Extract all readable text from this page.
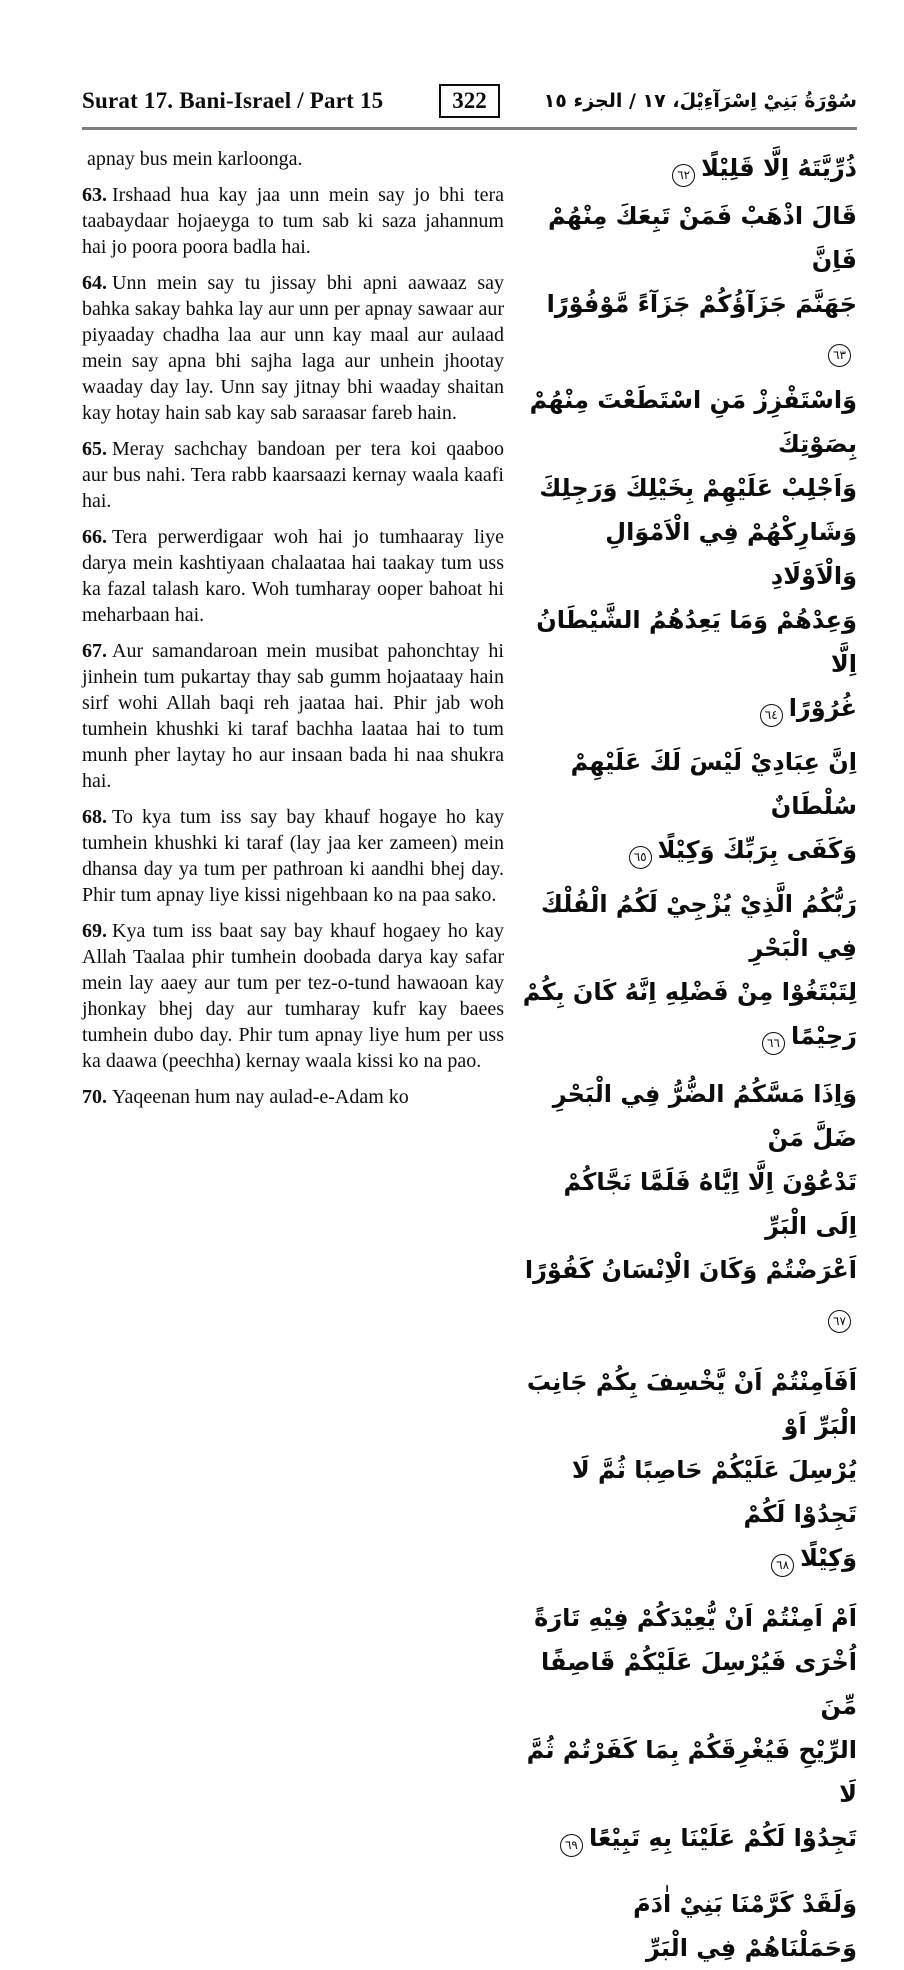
Surat 17. Bani-Israel / Part 15	322	سُوْرَةُ بَنِيْ اِسْرَآءِيْلَ، ١٧ / الجزء ١٥

apnay bus mein karloonga.

63. Irshaad hua kay jaa unn mein say jo bhi tera taabaydaar hojaeyga to tum sab ki saza jahannum hai jo poora poora badla hai.

64. Unn mein say tu jissay bhi apni aawaaz say bahka sakay bahka lay aur unn per apnay sawaar aur piyaaday chadha laa aur unn kay maal aur aulaad mein say apna bhi sajha laga aur unhein jhootay waaday day lay. Unn say jitnay bhi waaday shaitan kay hotay hain sab kay sab saraasar fareb hain.

65. Meray sachchay bandoan per tera koi qaaboo aur bus nahi. Tera rabb kaarsaazi kernay waala kaafi hai.

66. Tera perwerdigaar woh hai jo tumhaaray liye darya mein kashtiyaan chalaataa hai taakay tum uss ka fazal talash karo. Woh tumharay ooper bahoat hi meharbaan hai.

67. Aur samandaroan mein musibat pahonchtay hi jinhein tum pukartay thay sab gumm hojaataay hain sirf wohi Allah baqi reh jaataa hai. Phir jab woh tumhein khushki ki taraf bachha laataa hai to tum munh pher laytay ho aur insaan bada hi naa shukra hai.

68. To kya tum iss say bay khauf hogaye ho kay tumhein khushki ki taraf (lay jaa ker zameen) mein dhansa day ya tum per pathroan ki aandhi bhej day. Phir tum apnay liye kissi nigehbaan ko na paa sako.

69. Kya tum iss baat say bay khauf hogaey ho kay Allah Taalaa phir tumhein doobada darya kay safar mein lay aaey aur tum per tez-o-tund hawaoan kay jhonkay bhej day aur tumharay kufr kay baees tumhein dubo day. Phir tum apnay liye hum per uss ka daawa (peechha) kernay waala kissi ko na pao.

70. Yaqeenan hum nay aulad-e-Adam ko

ذُرِّيَّتَهُ اِلَّا قَلِيْلًا٦٢
قَالَ اذْهَبْ فَمَنْ تَبِعَكَ مِنْهُمْ فَاِنَّ
جَهَنَّمَ جَزَآؤُكُمْ جَزَآءً مَّوْفُوْرًا٦٣
وَاسْتَفْزِزْ مَنِ اسْتَطَعْتَ مِنْهُمْ بِصَوْتِكَ
وَاَجْلِبْ عَلَيْهِمْ بِخَيْلِكَ وَرَجِلِكَ
وَشَارِكْهُمْ فِي الْاَمْوَالِ وَالْاَوْلَادِ
وَعِدْهُمْ وَمَا يَعِدُهُمُ الشَّيْطَانُ اِلَّا
غُرُوْرًا٦٤
اِنَّ عِبَادِيْ لَيْسَ لَكَ عَلَيْهِمْ سُلْطَانٌ
وَكَفَى بِرَبِّكَ وَكِيْلًا٦٥
رَبُّكُمُ الَّذِيْ يُزْجِيْ لَكُمُ الْفُلْكَ فِي الْبَحْرِ
لِتَبْتَغُوْا مِنْ فَضْلِهِ اِنَّهُ كَانَ بِكُمْ
رَحِيْمًا٦٦
وَاِذَا مَسَّكُمُ الضُّرُّ فِي الْبَحْرِ ضَلَّ مَنْ
تَدْعُوْنَ اِلَّا اِيَّاهُ فَلَمَّا نَجَّاكُمْ اِلَى الْبَرِّ
اَعْرَضْتُمْ وَكَانَ الْاِنْسَانُ كَفُوْرًا٦٧
اَفَاَمِنْتُمْ اَنْ يَّخْسِفَ بِكُمْ جَانِبَ الْبَرِّ اَوْ
يُرْسِلَ عَلَيْكُمْ حَاصِبًا ثُمَّ لَا تَجِدُوْا لَكُمْ
وَكِيْلًا٦٨
اَمْ اَمِنْتُمْ اَنْ يُّعِيْدَكُمْ فِيْهِ تَارَةً
اُخْرَى فَيُرْسِلَ عَلَيْكُمْ قَاصِفًا مِّنَ
الرِّيْحِ فَيُغْرِقَكُمْ بِمَا كَفَرْتُمْ ثُمَّ لَا
تَجِدُوْا لَكُمْ عَلَيْنَا بِهِ تَبِيْعًا٦٩
وَلَقَدْ كَرَّمْنَا بَنِيْ اٰدَمَ وَحَمَلْنَاهُمْ فِي الْبَرِّ
